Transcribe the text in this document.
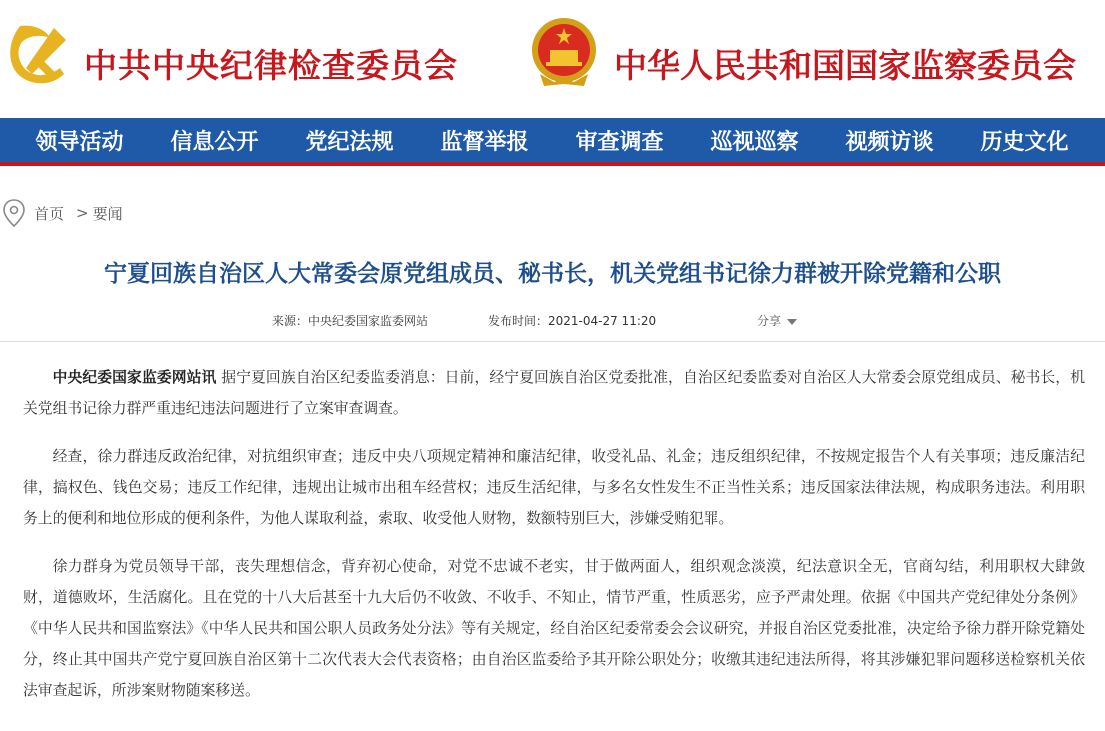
中共中央纪律检查委员会	中华人民共和国国家监察委员会
领导活动	信息公开	党纪法规	监督举报	审查调查	巡视巡察	视频访谈	历史文化
首页 > 要闻
宁夏回族自治区人大常委会原党组成员、秘书长，机关党组书记徐力群被开除党籍和公职
来源：中央纪委国家监委网站	发布时间：2021-04-27 11:20	分享

中央纪委国家监委网站讯 据宁夏回族自治区纪委监委消息：日前，经宁夏回族自治区党委批准，自治区纪委监委对自治区人大常委会原党组成员、秘书长，机关党组书记徐力群严重违纪违法问题进行了立案审查调查。

经查，徐力群违反政治纪律，对抗组织审查；违反中央八项规定精神和廉洁纪律，收受礼品、礼金；违反组织纪律，不按规定报告个人有关事项；违反廉洁纪律，搞权色、钱色交易；违反工作纪律，违规出让城市出租车经营权；违反生活纪律，与多名女性发生不正当性关系；违反国家法律法规，构成职务违法。利用职务上的便利和地位形成的便利条件，为他人谋取利益，索取、收受他人财物，数额特别巨大，涉嫌受贿犯罪。

徐力群身为党员领导干部，丧失理想信念，背弃初心使命，对党不忠诚不老实，甘于做两面人，组织观念淡漠，纪法意识全无，官商勾结，利用职权大肆敛财，道德败坏，生活腐化。且在党的十八大后甚至十九大后仍不收敛、不收手、不知止，情节严重，性质恶劣，应予严肃处理。依据《中国共产党纪律处分条例》《中华人民共和国监察法》《中华人民共和国公职人员政务处分法》等有关规定，经自治区纪委常委会会议研究，并报自治区党委批准，决定给予徐力群开除党籍处分，终止其中国共产党宁夏回族自治区第十二次代表大会代表资格；由自治区监委给予其开除公职处分；收缴其违纪违法所得，将其涉嫌犯罪问题移送检察机关依法审查起诉，所涉案财物随案移送。
